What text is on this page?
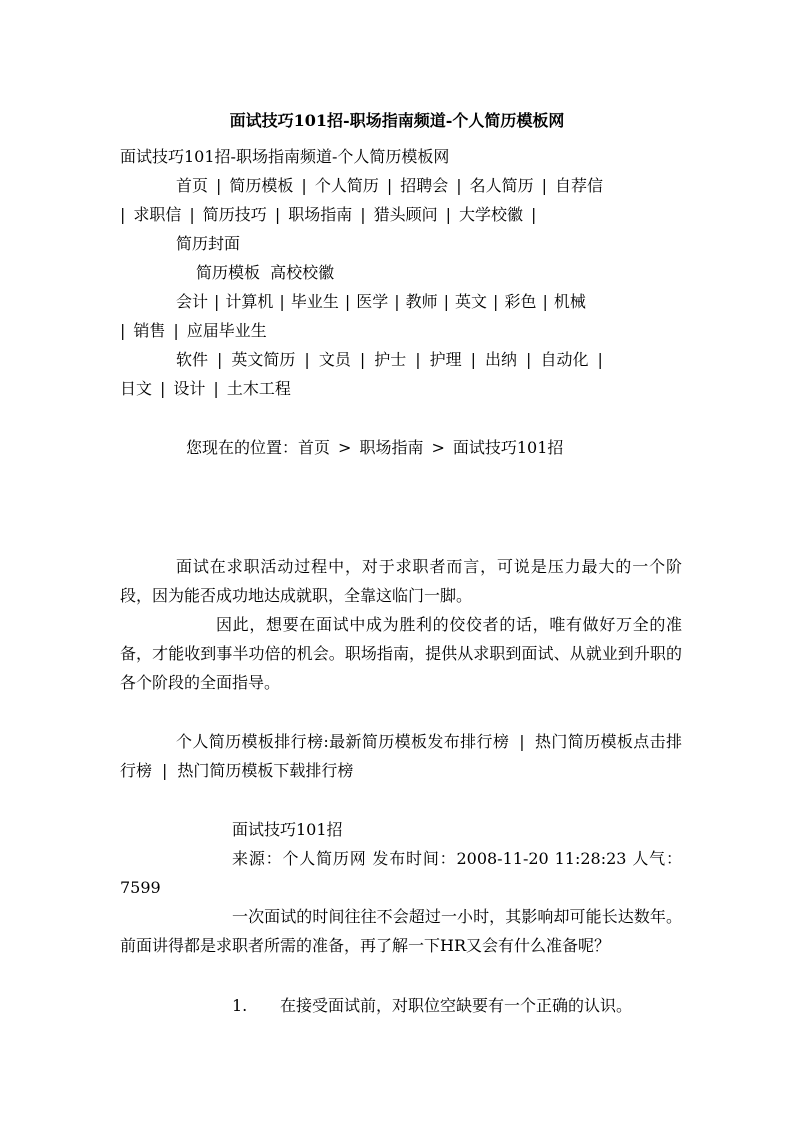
面试技巧101招-职场指南频道-个人简历模板网
面试技巧101招-职场指南频道-个人简历模板网
首页 | 简历模板 | 个人简历 | 招聘会 | 名人简历 | 自荐信
| 求职信 | 简历技巧 | 职场指南 | 猎头顾问 | 大学校徽 |
简历封面
简历模板  高校校徽
会计 | 计算机 | 毕业生 | 医学 | 教师 | 英文 | 彩色 | 机械
| 销售 | 应届毕业生
软件 | 英文简历 | 文员 | 护士 | 护理 | 出纳 | 自动化 |
日文 | 设计 | 土木工程
您现在的位置：首页 > 职场指南 > 面试技巧101招
面试在求职活动过程中，对于求职者而言，可说是压力最大的一个阶段，因为能否成功地达成就职，全靠这临门一脚。
因此，想要在面试中成为胜利的佼佼者的话，唯有做好万全的准备，才能收到事半功倍的机会。职场指南，提供从求职到面试、从就业到升职的各个阶段的全面指导。
个人简历模板排行榜:最新简历模板发布排行榜 | 热门简历模板点击排行榜 | 热门简历模板下载排行榜
面试技巧101招
来源：个人简历网 发布时间：2008-11-20 11:28:23 人气：7599
一次面试的时间往往不会超过一小时，其影响却可能长达数年。前面讲得都是求职者所需的准备，再了解一下HR又会有什么准备呢？
1. 在接受面试前，对职位空缺要有一个正确的认识。
